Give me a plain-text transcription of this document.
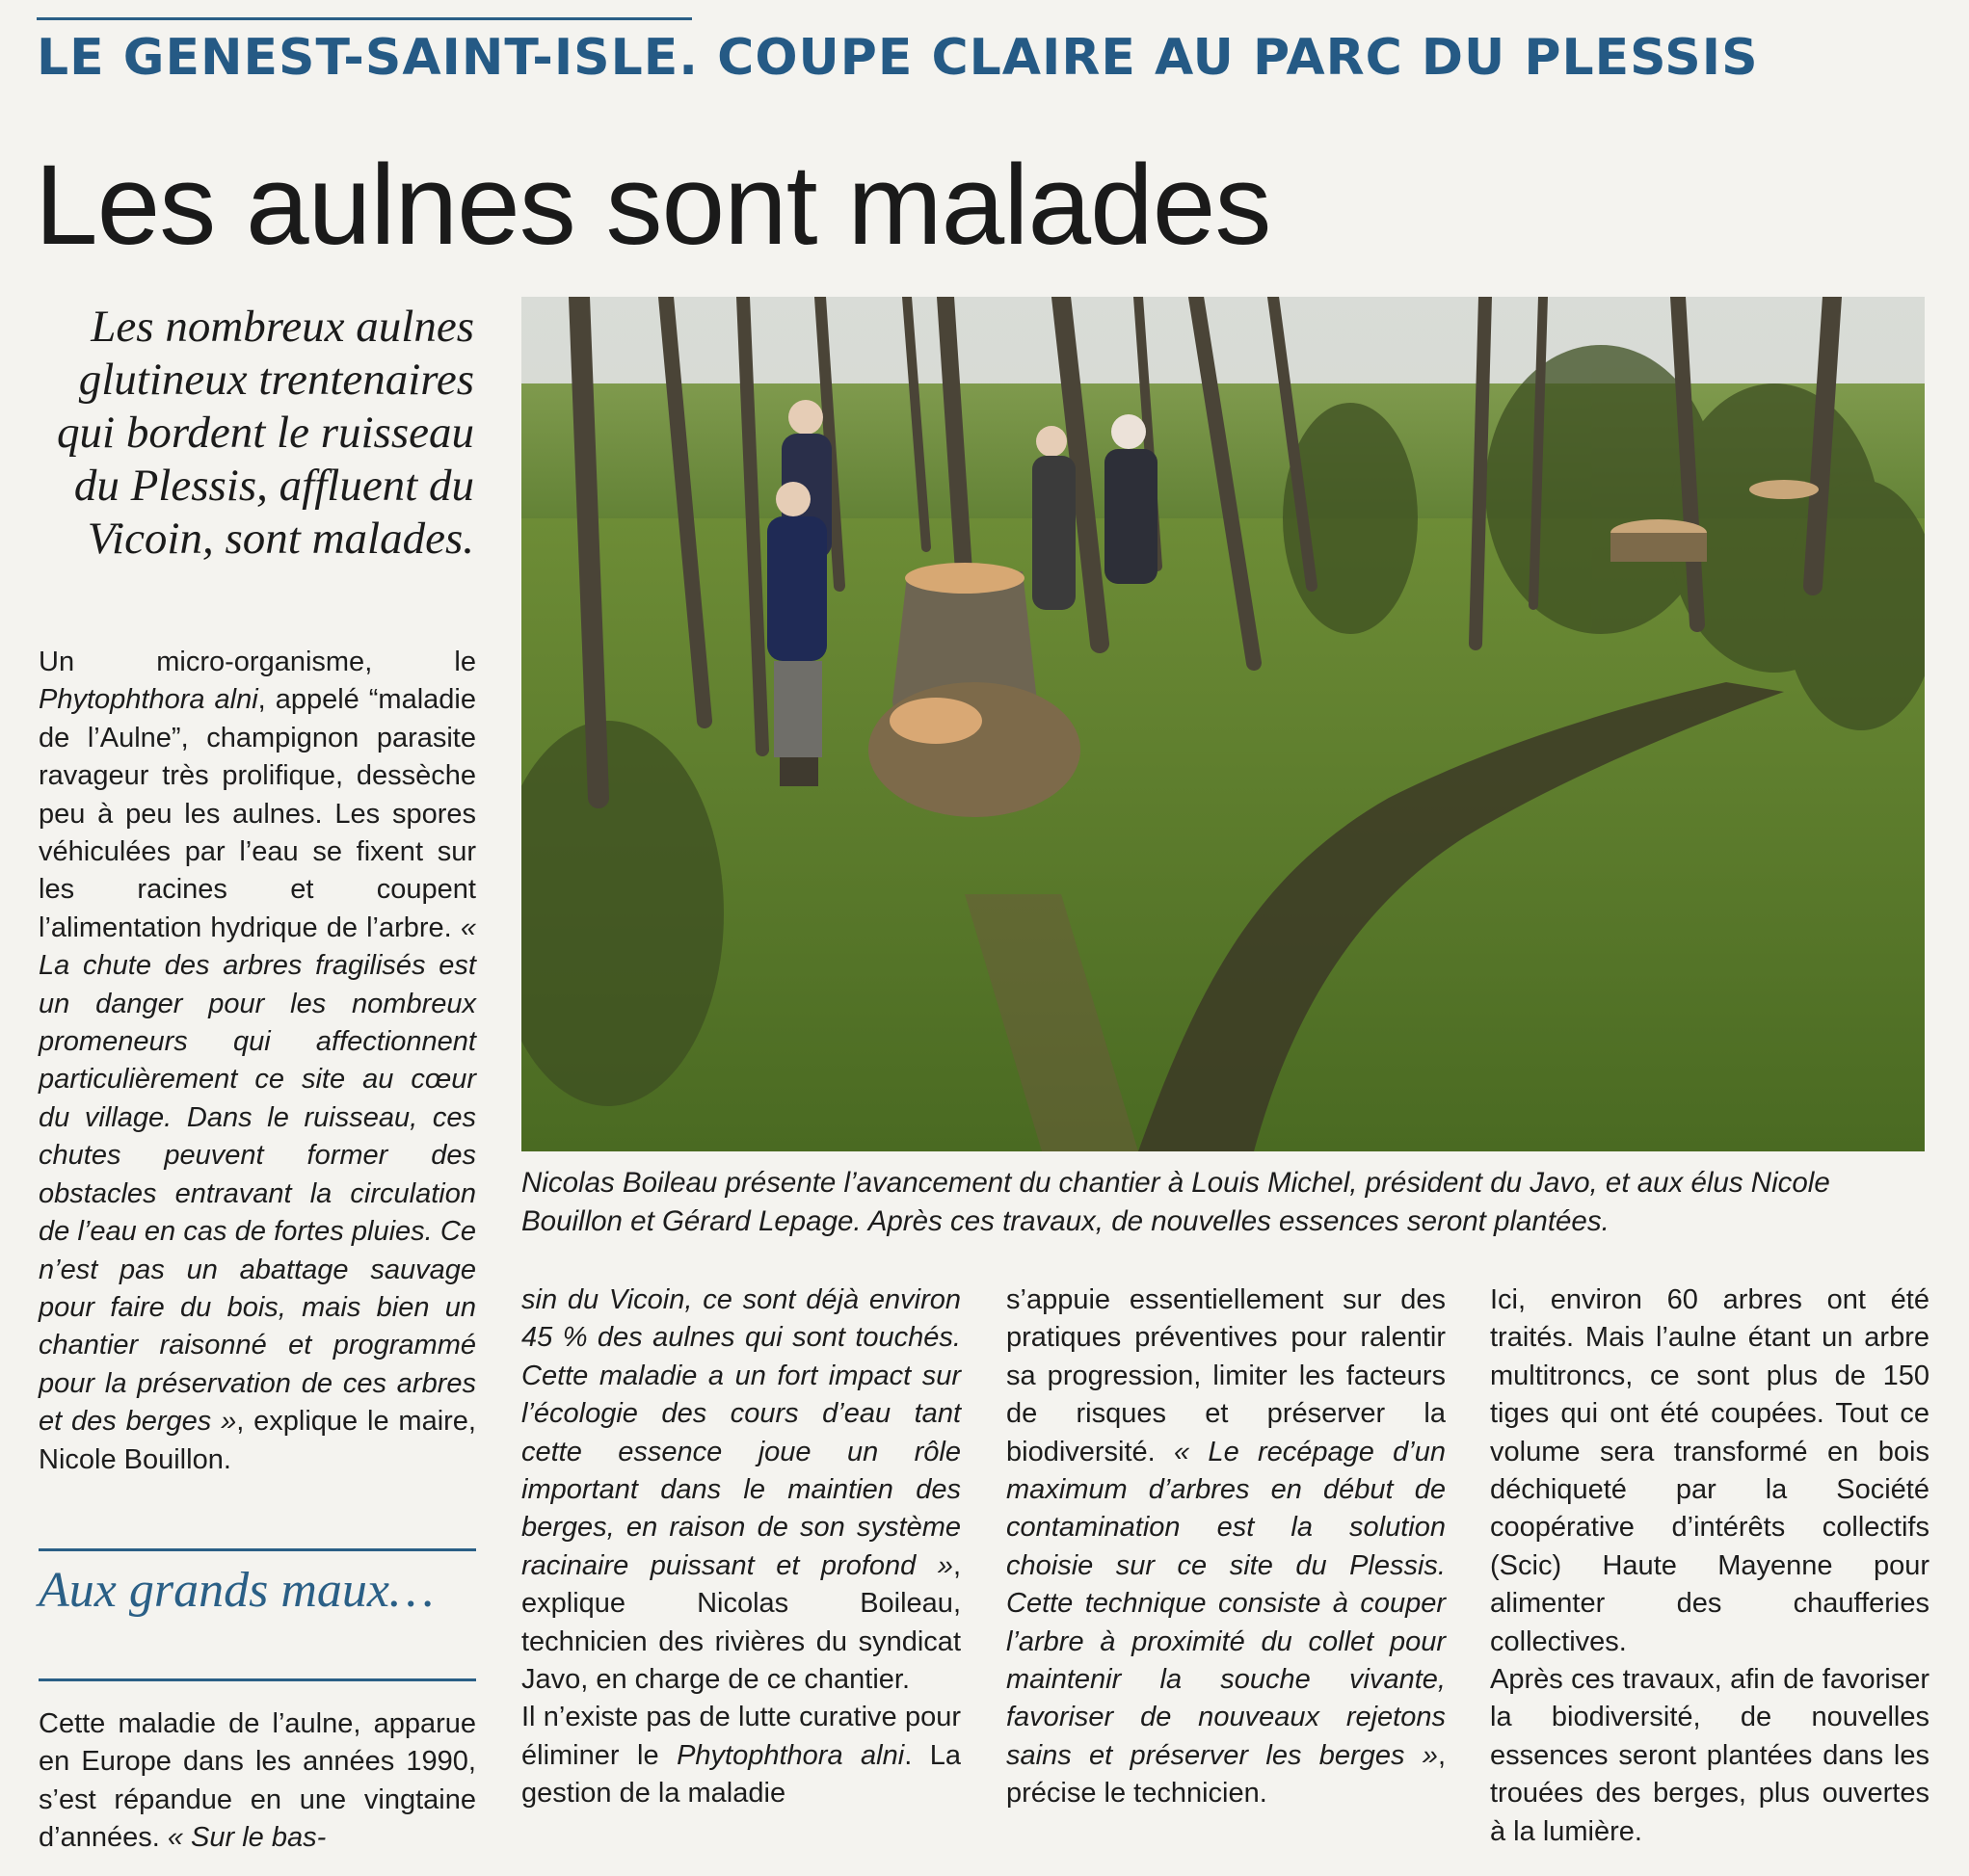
LE GENEST-SAINT-ISLE. COUPE CLAIRE AU PARC DU PLESSIS
Les aulnes sont malades
Les nombreux aulnes glutineux trentenaires qui bordent le ruisseau du Plessis, affluent du Vicoin, sont malades.

Un micro-organisme, le Phytophthora alni, appelé “maladie de l’Aulne”, champignon parasite ravageur très prolifique, dessèche peu à peu les aulnes. Les spores véhiculées par l’eau se fixent sur les racines et coupent l’alimentation hydrique de l’arbre. « La chute des arbres fragilisés est un danger pour les nombreux promeneurs qui affectionnent particulièrement ce site au cœur du village. Dans le ruisseau, ces chutes peuvent former des obstacles entravant la circulation de l’eau en cas de fortes pluies. Ce n’est pas un abattage sauvage pour faire du bois, mais bien un chantier raisonné et programmé pour la préservation de ces arbres et des berges », explique le maire, Nicole Bouillon.

Aux grands maux…

Cette maladie de l’aulne, apparue en Europe dans les années 1990, s’est répandue en une vingtaine d’années. « Sur le bas-

Nicolas Boileau présente l’avancement du chantier à Louis Michel, président du Javo, et aux élus Nicole Bouillon et Gérard Lepage. Après ces travaux, de nouvelles essences seront plantées.

sin du Vicoin, ce sont déjà environ 45 % des aulnes qui sont touchés. Cette maladie a un fort impact sur l’écologie des cours d’eau tant cette essence joue un rôle important dans le maintien des berges, en raison de son système racinaire puissant et profond », explique Nicolas Boileau, technicien des rivières du syndicat Javo, en charge de ce chantier.

Il n’existe pas de lutte curative pour éliminer le Phytophthora alni. La gestion de la maladie

s’appuie essentiellement sur des pratiques préventives pour ralentir sa progression, limiter les facteurs de risques et préserver la biodiversité. « Le recépage d’un maximum d’arbres en début de contamination est la solution choisie sur ce site du Plessis. Cette technique consiste à couper l’arbre à proximité du collet pour maintenir la souche vivante, favoriser de nouveaux rejetons sains et préserver les berges », précise le technicien.

Ici, environ 60 arbres ont été traités. Mais l’aulne étant un arbre multitroncs, ce sont plus de 150 tiges qui ont été coupées. Tout ce volume sera transformé en bois déchiqueté par la Société coopérative d’intérêts collectifs (Scic) Haute Mayenne pour alimenter des chaufferies collectives.

Après ces travaux, afin de favoriser la biodiversité, de nouvelles essences seront plantées dans les trouées des berges, plus ouvertes à la lumière.
